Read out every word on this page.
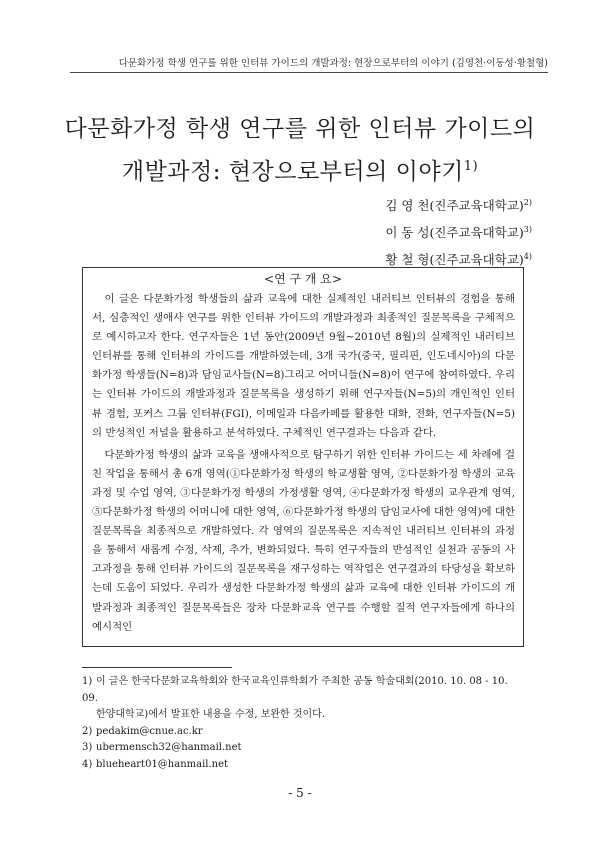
다문화가정 학생 연구를 위한 인터뷰 가이드의 개발과정: 현장으로부터의 이야기 (김영천·이동성·황철형)
다문화가정 학생 연구를 위한 인터뷰 가이드의
개발과정: 현장으로부터의 이야기$^{1)}$
김 영 천(진주교육대학교)$^{2)}$
이 동 성(진주교육대학교)$^{3)}$
황 철 형(진주교육대학교)$^{4)}$
<연 구 개 요>

이 글은 다문화가정 학생들의 삶과 교육에 대한 실제적인 내러티브 인터뷰의 경험을 통해서, 심층적인 생애사 연구를 위한 인터뷰 가이드의 개발과정과 최종적인 질문목록을 구체적으로 예시하고자 한다. 연구자들은 1년 동안(2009년 9월∼2010년 8월)의 실제적인 내러티브 인터뷰를 통해 인터뷰의 가이드를 개발하였는데, 3개 국가(중국, 필리핀, 인도네시아)의 다문화가정 학생들(N=8)과 담임교사들(N=8)그리고 어머니들(N=8)이 연구에 참여하였다. 우리는 인터뷰 가이드의 개발과정과 질문목록을 생성하기 위해 연구자들(N=5)의 개인적인 인터뷰 경험, 포커스 그룹 인터뷰(FGI), 이메일과 다음카페를 활용한 대화, 전화, 연구자들(N=5)의 반성적인 저널을 활용하고 분석하였다. 구체적인 연구결과는 다음과 같다.

다문화가정 학생의 삶과 교육을 생애사적으로 탐구하기 위한 인터뷰 가이드는 세 차례에 걸친 작업을 통해서 총 6개 영역(①다문화가정 학생의 학교생활 영역, ②다문화가정 학생의 교육과정 및 수업 영역, ③다문화가정 학생의 가정생활 영역, ④다문화가정 학생의 교우관계 영역, ⑤다문화가정 학생의 어머니에 대한 영역, ⑥다문화가정 학생의 담임교사에 대한 영역)에 대한 질문목록을 최종적으로 개발하였다. 각 영역의 질문목록은 지속적인 내러티브 인터뷰의 과정을 통해서 새롭게 수정, 삭제, 추가, 변화되었다. 특히 연구자들의 반성적인 실천과 공동의 사고과정을 통해 인터뷰 가이드의 질문목록을 재구성하는 역작업은 연구결과의 타당성을 확보하는데 도움이 되었다. 우리가 생성한 다문화가정 학생의 삶과 교육에 대한 인터뷰 가이드의 개발과정과 최종적인 질문목록들은 장차 다문화교육 연구를 수행할 질적 연구자들에게 하나의 예시적인

1) 이 글은 한국다문화교육학회와 한국교육인류학회가 주최한 공동 학술대회(2010. 10. 08 - 10. 09.
한양대학교)에서 발표한 내용을 수정, 보완한 것이다.
2) pedakim@cnue.ac.kr
3) ubermensch32@hanmail.net
4) blueheart01@hanmail.net
- 5 -
